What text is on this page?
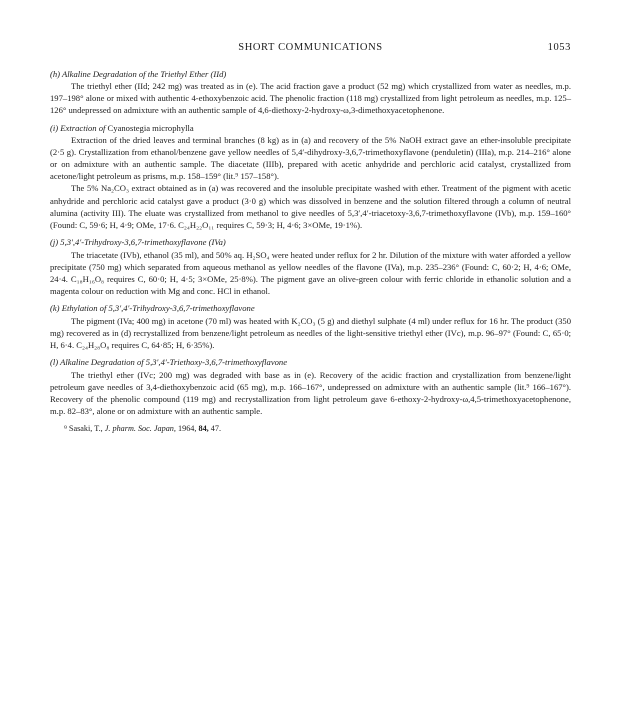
SHORT COMMUNICATIONS	1053

(h) Alkaline Degradation of the Triethyl Ether (IId)

The triethyl ether (IId; 242 mg) was treated as in (e). The acid fraction gave a product (52 mg) which crystallized from water as needles, m.p. 197–198° alone or mixed with authentic 4-ethoxybenzoic acid. The phenolic fraction (118 mg) crystallized from light petroleum as needles, m.p. 125–126° undepressed on admixture with an authentic sample of 4,6-diethoxy-2-hydroxy-ω,3-dimethoxyacetophenone.

(i) Extraction of Cyanostegia microphylla

Extraction of the dried leaves and terminal branches (8 kg) as in (a) and recovery of the 5% NaOH extract gave an ether-insoluble precipitate (2·5 g). Crystallization from ethanol/benzene gave yellow needles of 5,4′-dihydroxy-3,6,7-trimethoxyflavone (penduletin) (IIIa), m.p. 214–216° alone or on admixture with an authentic sample. The diacetate (IIIb), prepared with acetic anhydride and perchloric acid catalyst, crystallized from acetone/light petroleum as prisms, m.p. 158–159° (lit.⁹ 157–158°).

The 5% Na₂CO₃ extract obtained as in (a) was recovered and the insoluble precipitate washed with ether. Treatment of the pigment with acetic anhydride and perchloric acid catalyst gave a product (3·0 g) which was dissolved in benzene and the solution filtered through a column of neutral alumina (activity III). The eluate was crystallized from methanol to give needles of 5,3′,4′-triacetoxy-3,6,7-trimethoxyflavone (IVb), m.p. 159–160° (Found: C, 59·6; H, 4·9; OMe, 17·6. C₂₄H₂₂O₁₁ requires C, 59·3; H, 4·6; 3×OMe, 19·1%).

(j) 5,3′,4′-Trihydroxy-3,6,7-trimethoxyflavone (IVa)

The triacetate (IVb), ethanol (35 ml), and 50% aq. H₂SO₄ were heated under reflux for 2 hr. Dilution of the mixture with water afforded a yellow precipitate (750 mg) which separated from aqueous methanol as yellow needles of the flavone (IVa), m.p. 235–236° (Found: C, 60·2; H, 4·6; OMe, 24·4. C₁₈H₁₆O₈ requires C, 60·0; H, 4·5; 3×OMe, 25·8%). The pigment gave an olive-green colour with ferric chloride in ethanolic solution and a magenta colour on reduction with Mg and conc. HCl in ethanol.

(k) Ethylation of 5,3′,4′-Trihydroxy-3,6,7-trimethoxyflavone

The pigment (IVa; 400 mg) in acetone (70 ml) was heated with K₂CO₃ (5 g) and diethyl sulphate (4 ml) under reflux for 16 hr. The product (350 mg) recovered as in (d) recrystallized from benzene/light petroleum as needles of the light-sensitive triethyl ether (IVc), m.p. 96–97° (Found: C, 65·0; H, 6·4. C₂₄H₂₈O₈ requires C, 64·85; H, 6·35%).

(l) Alkaline Degradation of 5,3′,4′-Triethoxy-3,6,7-trimethoxyflavone

The triethyl ether (IVc; 200 mg) was degraded with base as in (e). Recovery of the acidic fraction and crystallization from benzene/light petroleum gave needles of 3,4-diethoxybenzoic acid (65 mg), m.p. 166–167°, undepressed on admixture with an authentic sample (lit.⁹ 166–167°). Recovery of the phenolic compound (119 mg) and recrystallization from light petroleum gave 6-ethoxy-2-hydroxy-ω,4,5-trimethoxyacetophenone, m.p. 82–83°, alone or on admixture with an authentic sample.

⁹ Sasaki, T., J. pharm. Soc. Japan, 1964, 84, 47.
